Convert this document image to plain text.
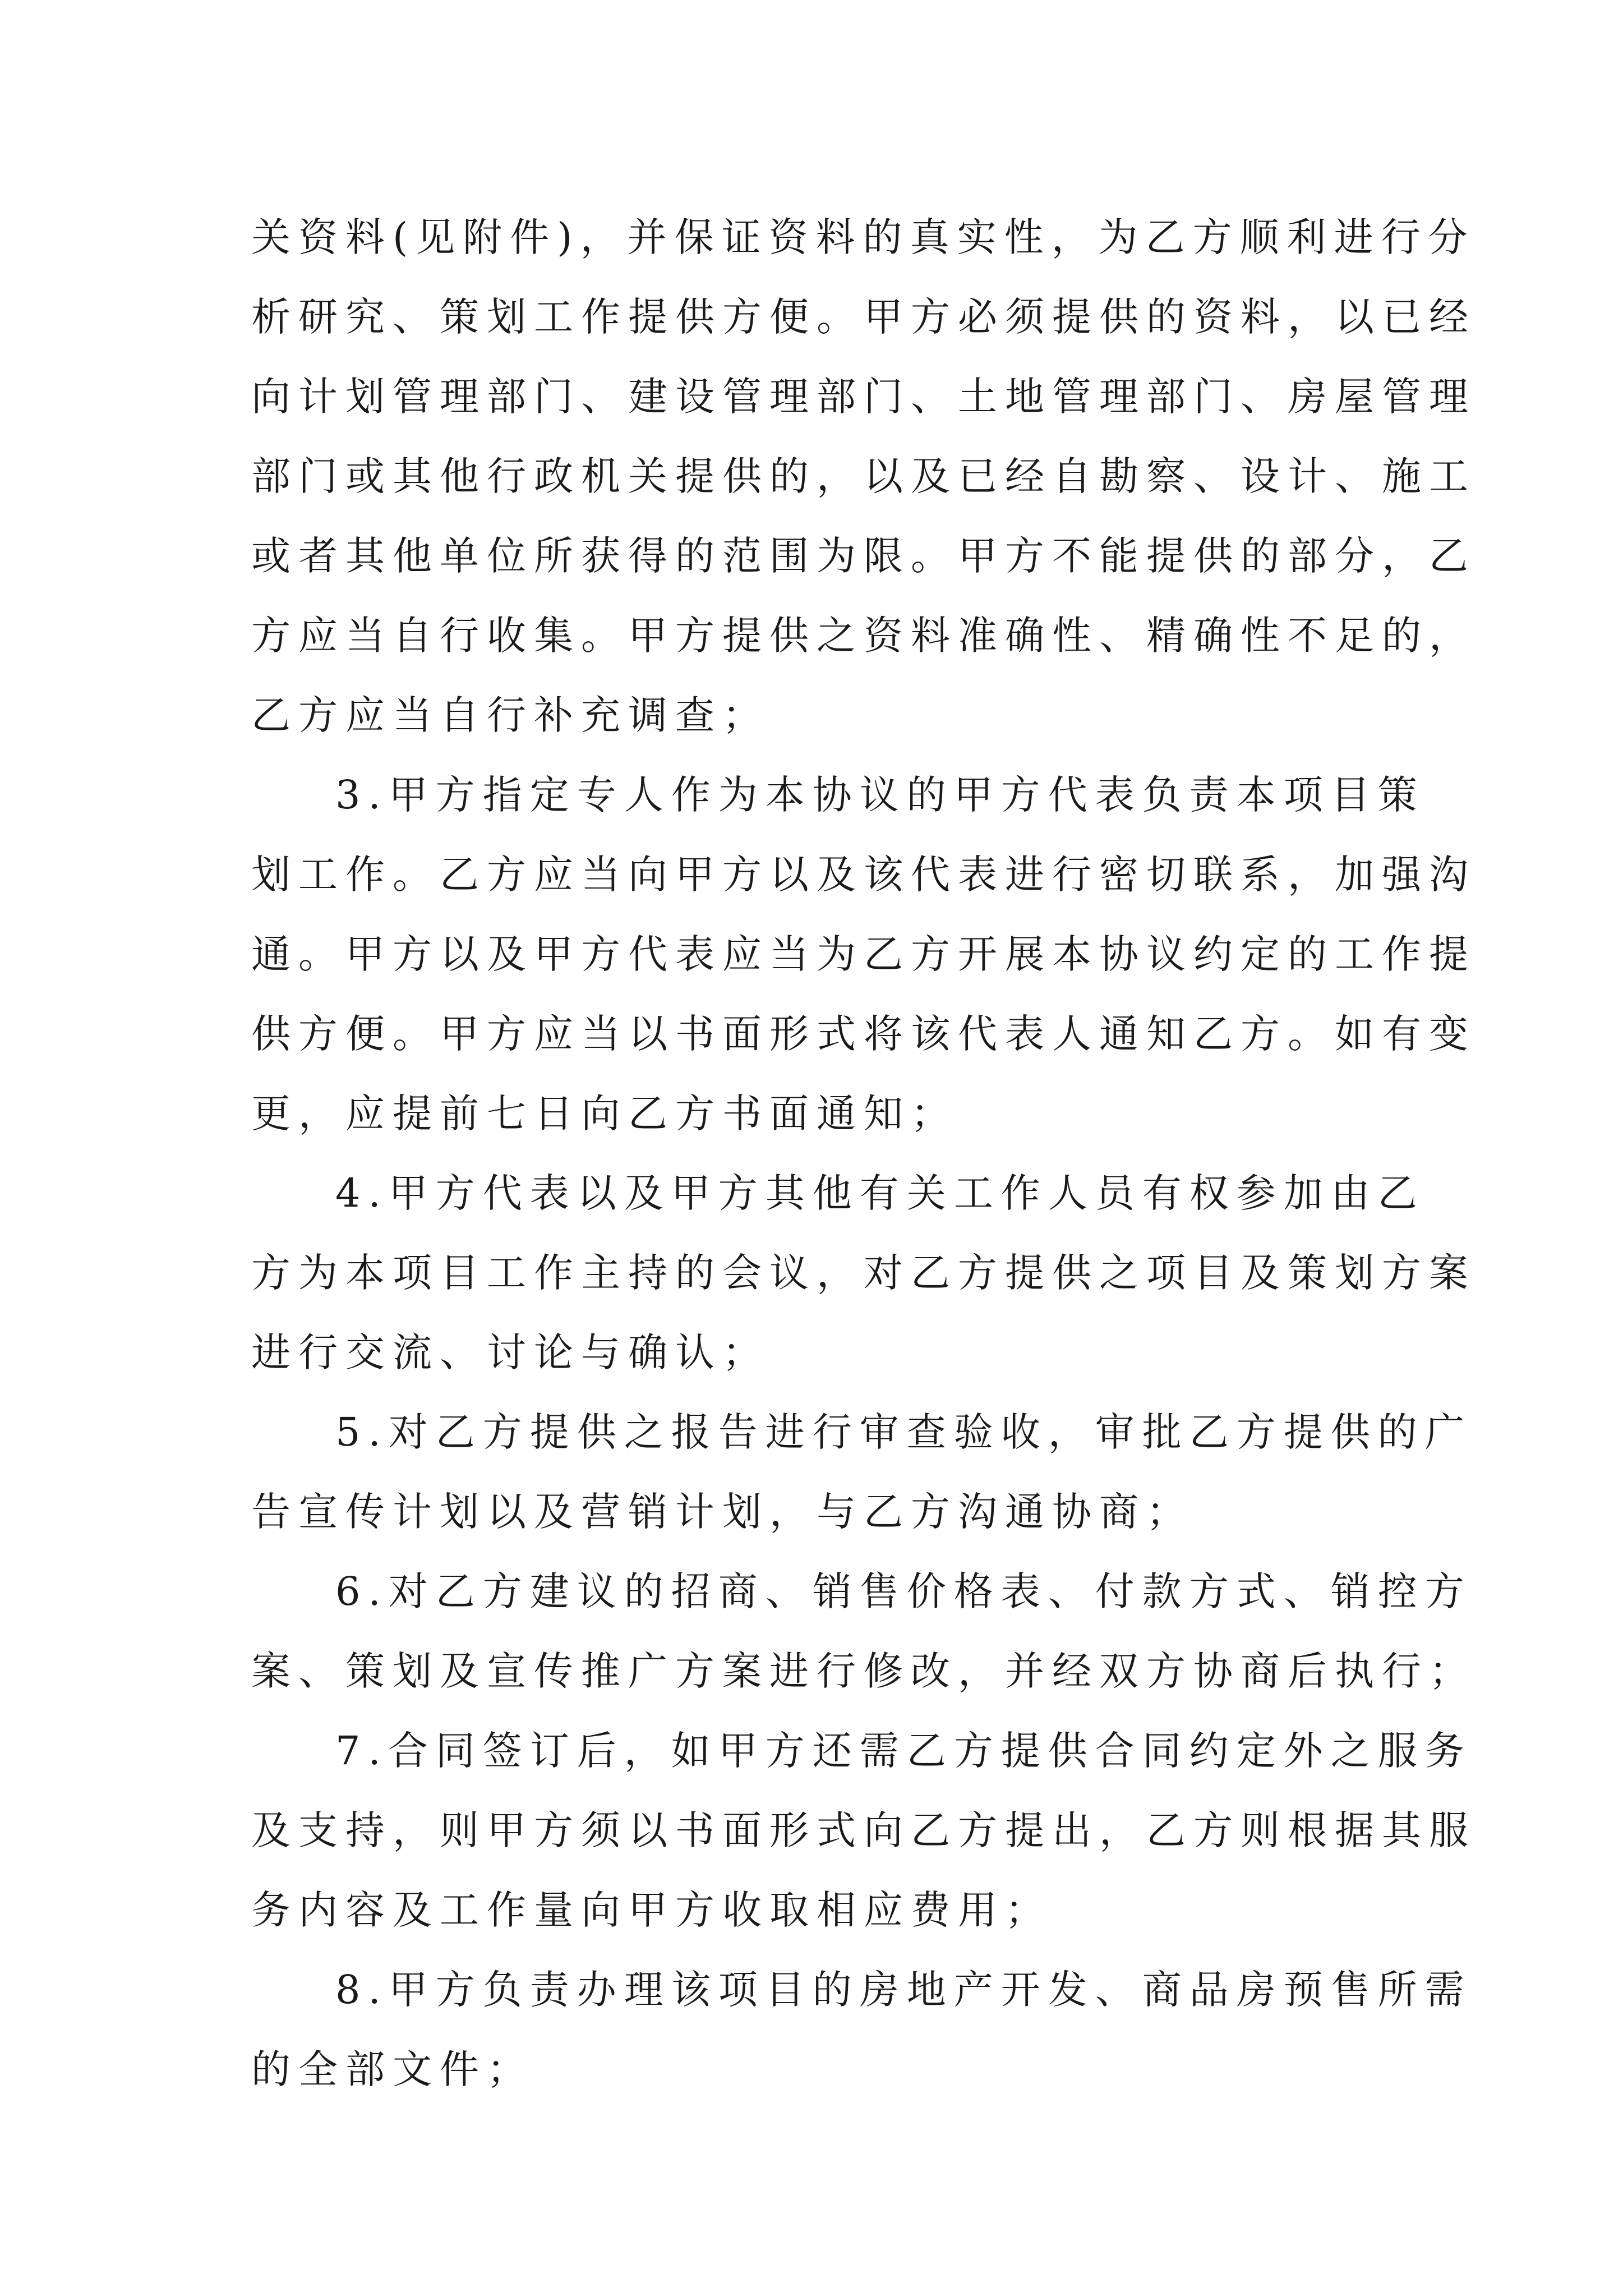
关资料(见附件)，并保证资料的真实性，为乙方顺利进行分
析研究、策划工作提供方便。甲方必须提供的资料，以已经
向计划管理部门、建设管理部门、土地管理部门、房屋管理
部门或其他行政机关提供的，以及已经自勘察、设计、施工
或者其他单位所获得的范围为限。甲方不能提供的部分，乙
方应当自行收集。甲方提供之资料准确性、精确性不足的，
乙方应当自行补充调查；
3.甲方指定专人作为本协议的甲方代表负责本项目策
划工作。乙方应当向甲方以及该代表进行密切联系，加强沟
通。甲方以及甲方代表应当为乙方开展本协议约定的工作提
供方便。甲方应当以书面形式将该代表人通知乙方。如有变
更，应提前七日向乙方书面通知；
4.甲方代表以及甲方其他有关工作人员有权参加由乙
方为本项目工作主持的会议，对乙方提供之项目及策划方案
进行交流、讨论与确认；
5.对乙方提供之报告进行审查验收，审批乙方提供的广
告宣传计划以及营销计划，与乙方沟通协商；
6.对乙方建议的招商、销售价格表、付款方式、销控方
案、策划及宣传推广方案进行修改，并经双方协商后执行；
7.合同签订后，如甲方还需乙方提供合同约定外之服务
及支持，则甲方须以书面形式向乙方提出，乙方则根据其服
务内容及工作量向甲方收取相应费用；
8.甲方负责办理该项目的房地产开发、商品房预售所需
的全部文件；
